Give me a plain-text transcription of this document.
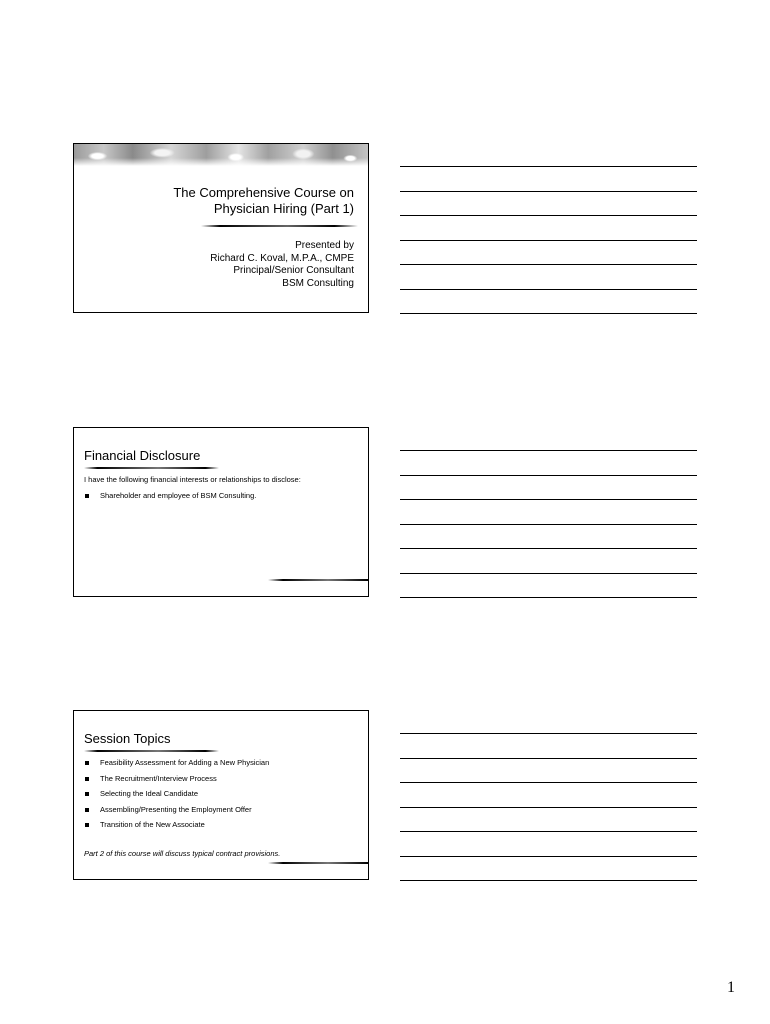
The Comprehensive Course on
Physician Hiring (Part 1)
Presented by
Richard C. Koval, M.P.A., CMPE
Principal/Senior Consultant
BSM Consulting
Financial Disclosure
I have the following financial interests or relationships to disclose:
Shareholder and employee of BSM Consulting.
Session Topics
Feasibility Assessment for Adding a New Physician
The Recruitment/Interview Process
Selecting the Ideal Candidate
Assembling/Presenting the Employment Offer
Transition of the New Associate
Part 2 of this course will discuss typical contract provisions.
1
